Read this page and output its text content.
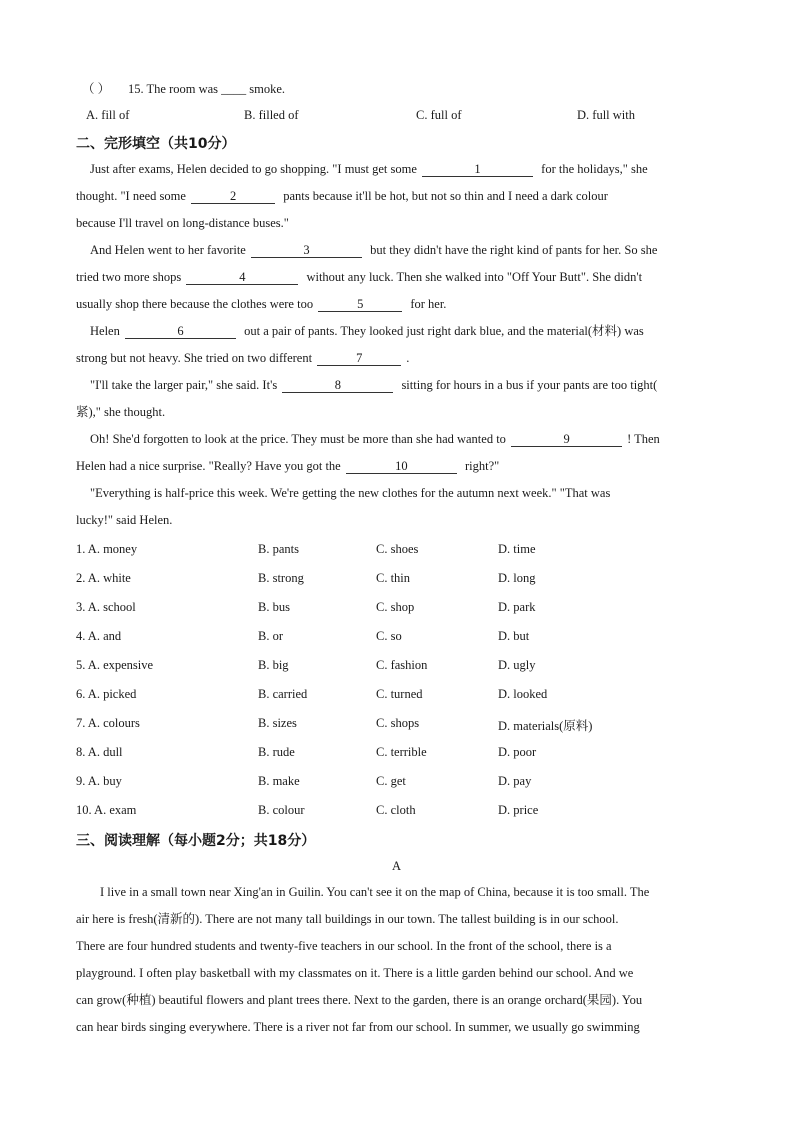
（ ） 15. The room was ____ smoke.
A. fill of	B. filled of	C. full of	D. full with
二、完形填空（共10分）
Just after exams, Helen decided to go shopping. "I must get some	1	for the holidays," she
thought. "I need some	2	pants because it'll be hot, but not so thin and I need a dark colour
because I'll travel on long-distance buses."
And Helen went to her favorite	3	but they didn't have the right kind of pants for her. So she
tried two more shops	4	without any luck. Then she walked into "Off Your Butt". She didn't
usually shop there because the clothes were too	5	for her.
Helen	6	out a pair of pants. They looked just right dark blue, and the material(材料) was
strong but not heavy. She tried on two different	7	.
"I'll take the larger pair," she said. It's	8	sitting for hours in a bus if your pants are too tight(
紧)," she thought.
Oh! She'd forgotten to look at the price. They must be more than she had wanted to	9	! Then
Helen had a nice surprise. "Really? Have you got the	10	right?"
"Everything is half-price this week. We're getting the new clothes for the autumn next week." "That was
lucky!" said Helen.
1. A. money	B. pants	C. shoes	D. time
2. A. white	B. strong	C. thin	D. long
3. A. school	B. bus	C. shop	D. park
4. A. and	B. or	C. so	D. but
5. A. expensive	B. big	C. fashion	D. ugly
6. A. picked	B. carried	C. turned	D. looked
7. A. colours	B. sizes	C. shops	D. materials(原料)
8. A. dull	B. rude	C. terrible	D. poor
9. A. buy	B. make	C. get	D. pay
10. A. exam	B. colour	C. cloth	D. price
三、阅读理解（每小题2分；共18分）
A
I live in a small town near Xing'an in Guilin. You can't see it on the map of China, because it is too small. The
air here is fresh(清新的). There are not many tall buildings in our town. The tallest building is in our school.
There are four hundred students and twenty-five teachers in our school. In the front of the school, there is a
playground. I often play basketball with my classmates on it. There is a little garden behind our school. And we
can grow(种植) beautiful flowers and plant trees there. Next to the garden, there is an orange orchard(果园). You
can hear birds singing everywhere. There is a river not far from our school. In summer, we usually go swimming
